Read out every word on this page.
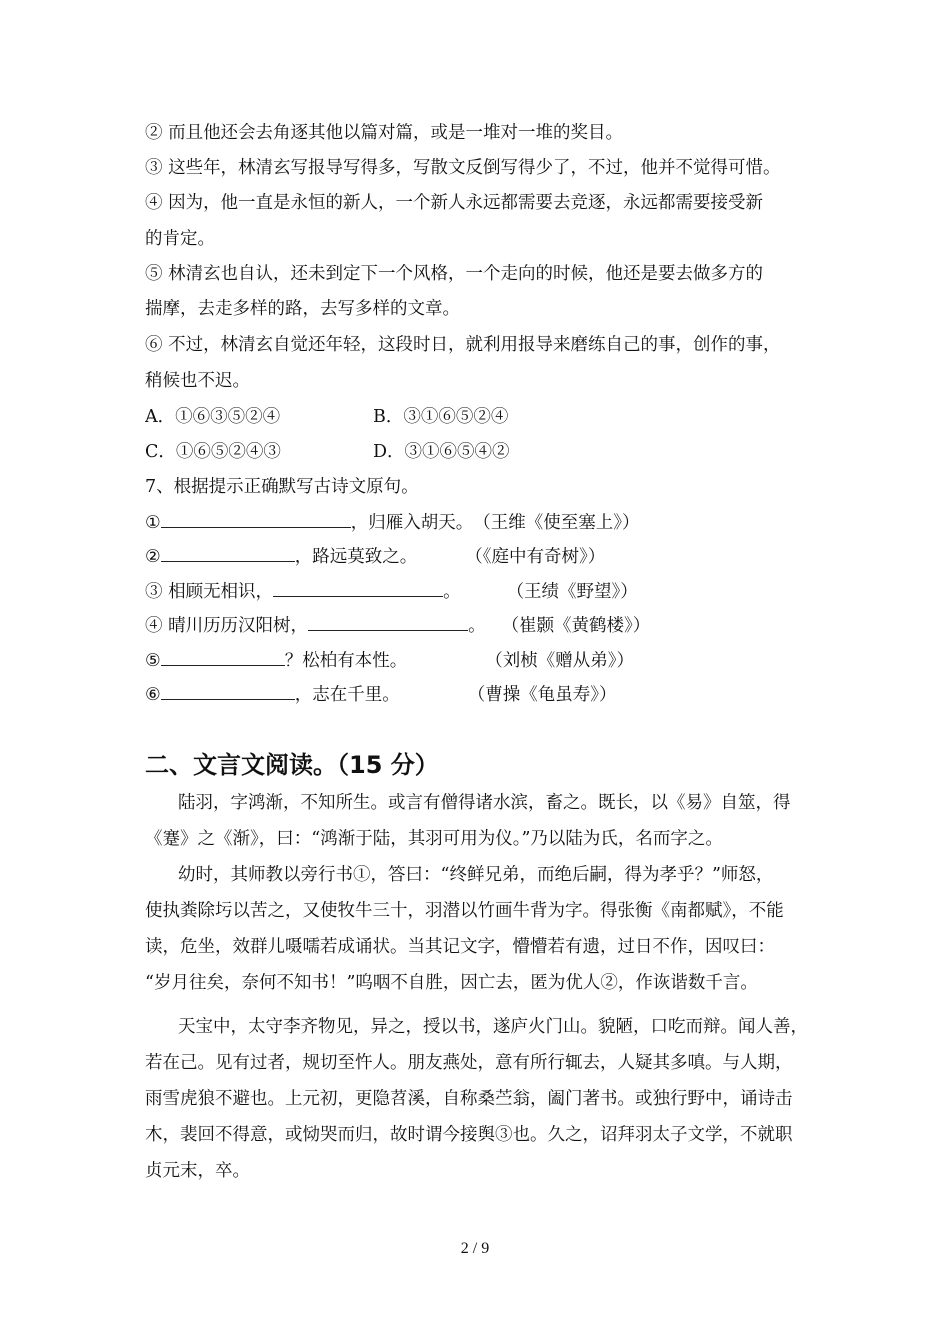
② 而且他还会去角逐其他以篇对篇，或是一堆对一堆的奖目。
③ 这些年，林清玄写报导写得多，写散文反倒写得少了，不过，他并不觉得可惜。
④ 因为，他一直是永恒的新人，一个新人永远都需要去竞逐，永远都需要接受新
的肯定。
⑤ 林清玄也自认，还未到定下一个风格，一个走向的时候，他还是要去做多方的
揣摩，去走多样的路，去写多样的文章。
⑥ 不过，林清玄自觉还年轻，这段时日，就利用报导来磨练自己的事，创作的事，
稍候也不迟。
A．①⑥③⑤②④	B．③①⑥⑤②④
C．①⑥⑤②④③	D．③①⑥⑤④②
7、根据提示正确默写古诗文原句。
①	，归雁入胡天。（王维《使至塞上》）
②	，路远莫致之。	（《庭中有奇树》）
③ 相顾无相识，	。	（王绩《野望》）
④ 晴川历历汉阳树，	。 （崔颢《黄鹤楼》）
⑤	？松柏有本性。	（刘桢《赠从弟》）
⑥	，志在千里。	（曹操《龟虽寿》）
二、文言文阅读。（15 分）
陆羽，字鸿渐，不知所生。或言有僧得诸水滨，畜之。既长，以《易》自筮，得
《蹇》之《渐》，曰：“鸿渐于陆，其羽可用为仪。”乃以陆为氏，名而字之。
幼时，其师教以旁行书①，答曰：“终鲜兄弟，而绝后嗣，得为孝乎？”师怒，
使执粪除圬以苦之，又使牧牛三十，羽潜以竹画牛背为字。得张衡《南都赋》，不能
读，危坐，效群儿嗫嚅若成诵状。当其记文字，懵懵若有遗，过日不作，因叹曰：
“岁月往矣，奈何不知书！”呜咽不自胜，因亡去，匿为优人②，作诙谐数千言。
天宝中，太守李齐物见，异之，授以书，遂庐火门山。貌陋，口吃而辩。闻人善，
若在己。见有过者，规切至忤人。朋友燕处，意有所行辄去，人疑其多嗔。与人期，
雨雪虎狼不避也。上元初，更隐苕溪，自称桑苎翁，阖门著书。或独行野中，诵诗击
木，裴回不得意，或恸哭而归，故时谓今接舆③也。久之，诏拜羽太子文学，不就职
贞元末，卒。
2 / 9
